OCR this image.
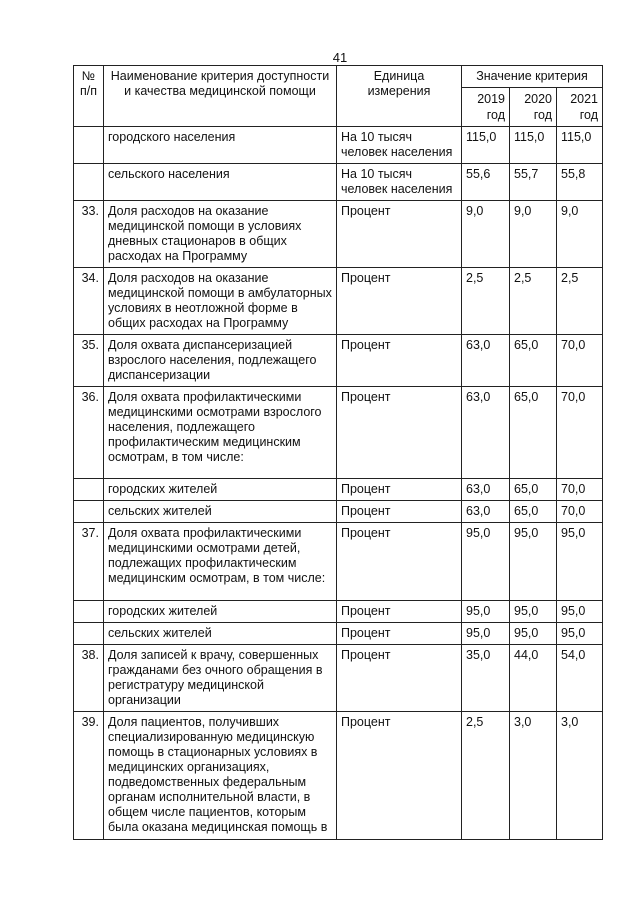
41
№ п/п	Наименование критерия доступности и качества медицинской помощи	Единица измерения	Значение критерия		
			2019 год	2020 год	2021 год
	городского населения	На 10 тысяч человек населения	115,0	115,0	115,0
	сельского населения	На 10 тысяч человек населения	55,6	55,7	55,8
33.	Доля расходов на оказание медицинской помощи в условиях дневных стационаров в общих расходах на Программу	Процент	9,0	9,0	9,0
34.	Доля расходов на оказание медицинской помощи в амбулаторных условиях в неотложной форме в общих расходах на Программу	Процент	2,5	2,5	2,5
35.	Доля охвата диспансеризацией взрослого населения, подлежащего диспансеризации	Процент	63,0	65,0	70,0
36.	Доля охвата профилактическими медицинскими осмотрами взрослого населения, подлежащего профилактическим медицинским осмотрам, в том числе:	Процент	63,0	65,0	70,0
	городских жителей	Процент	63,0	65,0	70,0
	сельских жителей	Процент	63,0	65,0	70,0
37.	Доля охвата профилактическими медицинскими осмотрами детей, подлежащих профилактическим медицинским осмотрам, в том числе:	Процент	95,0	95,0	95,0
	городских жителей	Процент	95,0	95,0	95,0
	сельских жителей	Процент	95,0	95,0	95,0
38.	Доля записей к врачу, совершенных гражданами без очного обращения в регистратуру медицинской организации	Процент	35,0	44,0	54,0
39.	Доля пациентов, получивших специализированную медицинскую помощь в стационарных условиях в медицинских организациях, подведомственных федеральным органам исполнительной власти, в общем числе пациентов, которым была оказана медицинская помощь в	Процент	2,5	3,0	3,0
